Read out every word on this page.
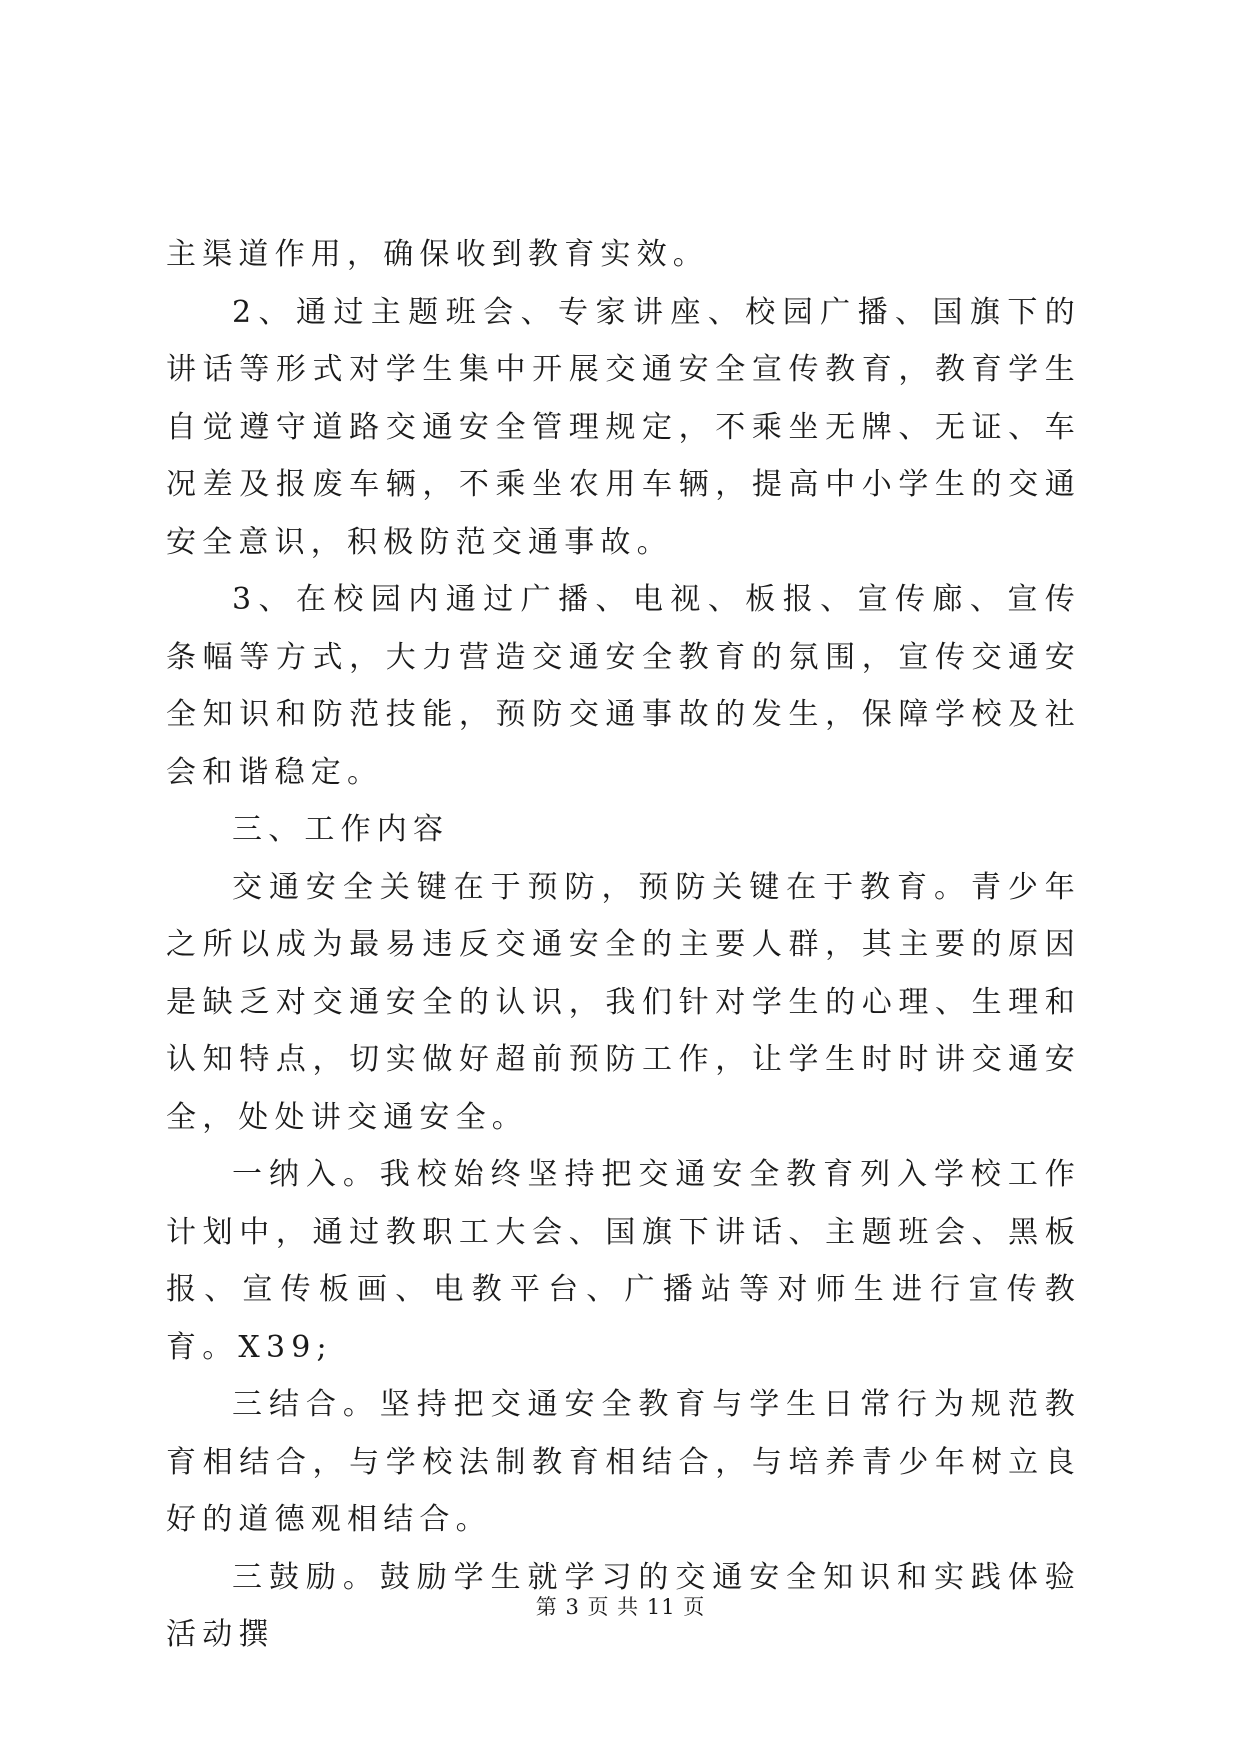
主渠道作用，确保收到教育实效。

2、通过主题班会、专家讲座、校园广播、国旗下的讲话等形式对学生集中开展交通安全宣传教育，教育学生自觉遵守道路交通安全管理规定，不乘坐无牌、无证、车况差及报废车辆，不乘坐农用车辆，提高中小学生的交通安全意识，积极防范交通事故。

3、在校园内通过广播、电视、板报、宣传廊、宣传条幅等方式，大力营造交通安全教育的氛围，宣传交通安全知识和防范技能，预防交通事故的发生，保障学校及社会和谐稳定。

三、工作内容

交通安全关键在于预防，预防关键在于教育。青少年之所以成为最易违反交通安全的主要人群，其主要的原因是缺乏对交通安全的认识，我们针对学生的心理、生理和认知特点，切实做好超前预防工作，让学生时时讲交通安全，处处讲交通安全。

一纳入。我校始终坚持把交通安全教育列入学校工作计划中，通过教职工大会、国旗下讲话、主题班会、黑板报、宣传板画、电教平台、广播站等对师生进行宣传教育。X39;

三结合。坚持把交通安全教育与学生日常行为规范教育相结合，与学校法制教育相结合，与培养青少年树立良好的道德观相结合。

三鼓励。鼓励学生就学习的交通安全知识和实践体验活动撰

第 3 页 共 11 页
